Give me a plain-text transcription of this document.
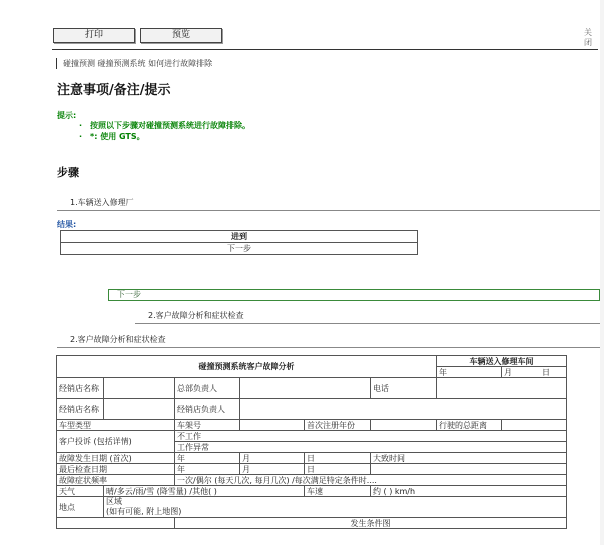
打印	预览	关闭
碰撞预测 碰撞预测系统 如何进行故障排除
注意事项/备注/提示
提示:
· 按照以下步骤对碰撞预测系统进行故障排除。
· *: 使用 GTS。
步骤
1.车辆送入修理厂
结果:
进到
下一步
下一步
2.客户故障分析和症状检查
2.客户故障分析和症状检查
碰撞预测系统客户故障分析						车辆送入修理车间	
						年	月 日
经销店名称		总部负责人			电话		
经销店名称		经销店负责人					
车型类型		车架号		首次注册年份		行驶的总距离	
客户投诉 (包括详情)		不工作					
		工作异常					
故障发生日期 (首次)		年	月	日	大致时间		
最后检查日期		年	月	日			
故障症状频率		一次/偶尔 (每天几次, 每月几次) /每次满足特定条件时....					
天气	晴/多云/雨/雪 (降雪量) /其他( )			车速	约 ( ) km/h		
地点	区域
(如有可能, 附上地图)						

		发生条件图					
